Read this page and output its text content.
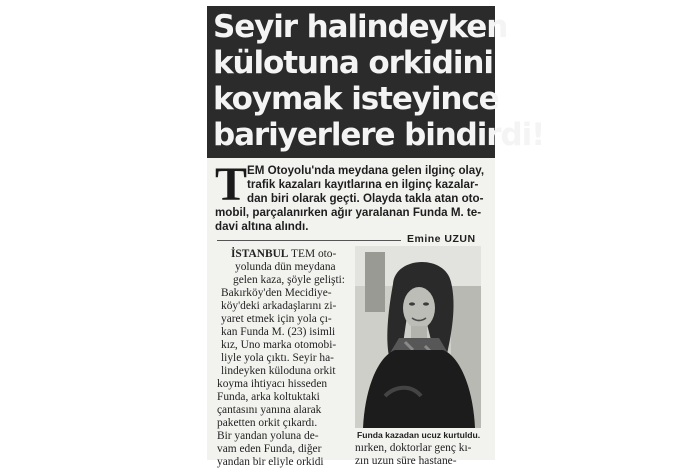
Seyir halindeyken
külotuna orkidini
koymak isteyince
bariyerlere bindirdi!
T EM Otoyolu'nda meydana gelen ilginç olay,
trafik kazaları kayıtlarına en ilginç kazalar-
dan biri olarak geçti. Olayda takla atan oto-
mobil, parçalanırken ağır yaralanan Funda M. te-
davi altına alındı.
Emine UZUN
İSTANBUL TEM oto-
yolunda dün meydana
gelen kaza, şöyle gelişti:
Bakırköy'den Mecidiye-
köy'deki arkadaşlarını zi-
yaret etmek için yola çı-
kan Funda M. (23) isimli
kız, Uno marka otomobi-
liyle yola çıktı. Seyir ha-
lindeyken küloduna orkit
koyma ihtiyacı hisseden
Funda, arka koltuktaki
çantasını yanına alarak
paketten orkit çıkardı.
Bir yandan yoluna de-
vam eden Funda, diğer
yandan bir eliyle orkidi
Funda kazadan ucuz kurtuldu.
nırken, doktorlar genç kı-
zın uzun süre hastane-
